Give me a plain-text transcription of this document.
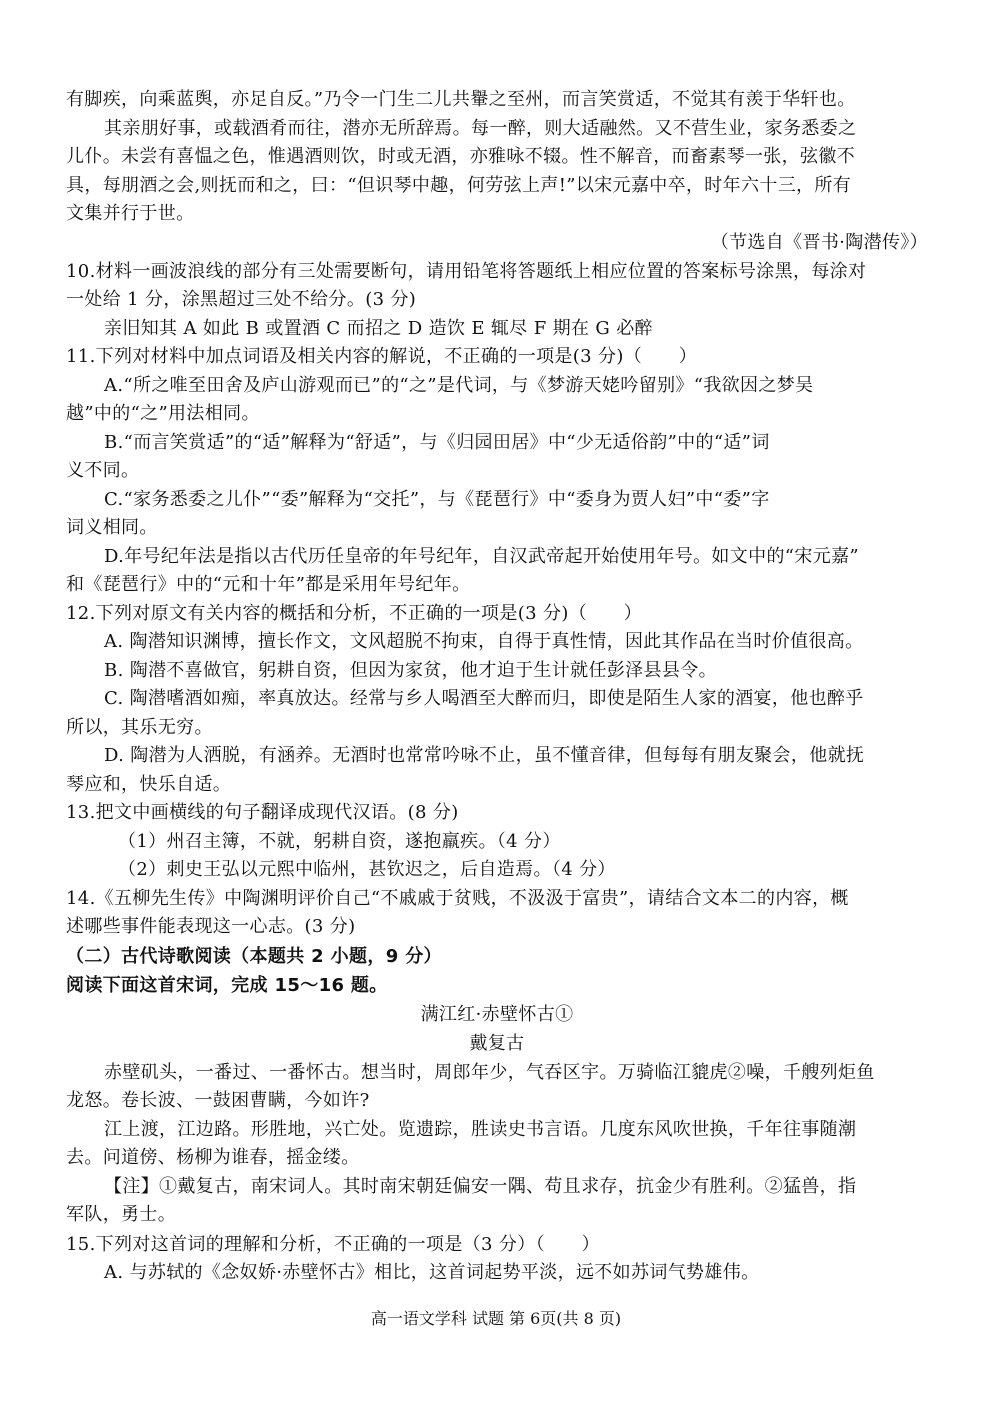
有脚疾，向乘蓝舆，亦足自反。”乃令一门生二儿共轝之至州，而言笑赏适，不觉其有羡于华轩也。
其亲朋好事，或载酒肴而往，潜亦无所辞焉。每一醉，则大适融然。又不营生业，家务悉委之
儿仆。未尝有喜愠之色，惟遇酒则饮，时或无酒，亦雅咏不辍。性不解音，而畜素琴一张，弦徽不
具，每朋酒之会,则抚而和之，曰：“但识琴中趣，何劳弦上声!”以宋元嘉中卒，时年六十三，所有
文集并行于世。
（节选自《晋书·陶潜传》）
10.材料一画波浪线的部分有三处需要断句，请用铅笔将答题纸上相应位置的答案标号涂黑，每涂对
一处给 1 分，涂黑超过三处不给分。(3 分)
亲旧知其 A 如此 B 或置酒 C 而招之 D 造饮 E 辄尽 F 期在 G 必醉
11.下列对材料中加点词语及相关内容的解说，不正确的一项是(3 分)（　　）
A.“所之唯至田舍及庐山游观而已”的“之”是代词，与《梦游天姥吟留别》“我欲因之梦吴
越”中的“之”用法相同。
B.“而言笑赏适”的“适”解释为“舒适”，与《归园田居》中“少无适俗韵”中的“适”词
义不同。
C.“家务悉委之儿仆”“委”解释为“交托”，与《琵琶行》中“委身为贾人妇”中“委”字
词义相同。
D.年号纪年法是指以古代历任皇帝的年号纪年，自汉武帝起开始使用年号。如文中的“宋元嘉”
和《琵琶行》中的“元和十年”都是采用年号纪年。
12.下列对原文有关内容的概括和分析，不正确的一项是(3 分)（　　）
A. 陶潜知识渊博，擅长作文，文风超脱不拘束，自得于真性情，因此其作品在当时价值很高。
B. 陶潜不喜做官，躬耕自资，但因为家贫，他才迫于生计就任彭泽县县令。
C. 陶潜嗜酒如痴，率真放达。经常与乡人喝酒至大醉而归，即使是陌生人家的酒宴，他也醉乎
所以，其乐无穷。
D. 陶潜为人洒脱，有涵养。无酒时也常常吟咏不止，虽不懂音律，但每每有朋友聚会，他就抚
琴应和，快乐自适。
13.把文中画横线的句子翻译成现代汉语。(8 分)
（1）州召主簿，不就，躬耕自资，遂抱羸疾。（4 分）
（2）刺史王弘以元熙中临州，甚钦迟之，后自造焉。（4 分）
14.《五柳先生传》中陶渊明评价自己“不戚戚于贫贱，不汲汲于富贵”，请结合文本二的内容，概
述哪些事件能表现这一心志。(3 分)
（二）古代诗歌阅读（本题共 2 小题，9 分）
阅读下面这首宋词，完成 15～16 题。
满江红·赤壁怀古①
戴复古
赤壁矶头，一番过、一番怀古。想当时，周郎年少，气吞区宇。万骑临江貔虎②噪，千艘列炬鱼
龙怒。卷长波、一鼓困曹瞒，今如许?
江上渡，江边路。形胜地，兴亡处。览遗踪，胜读史书言语。几度东风吹世换，千年往事随潮
去。问道傍、杨柳为谁春，摇金缕。
【注】①戴复古，南宋词人。其时南宋朝廷偏安一隅、苟且求存，抗金少有胜利。②猛兽，指
军队，勇士。
15.下列对这首词的理解和分析，不正确的一项是（3 分）（　　）
A. 与苏轼的《念奴娇·赤壁怀古》相比，这首词起势平淡，远不如苏词气势雄伟。
高一语文学科 试题 第 6页(共 8 页)
